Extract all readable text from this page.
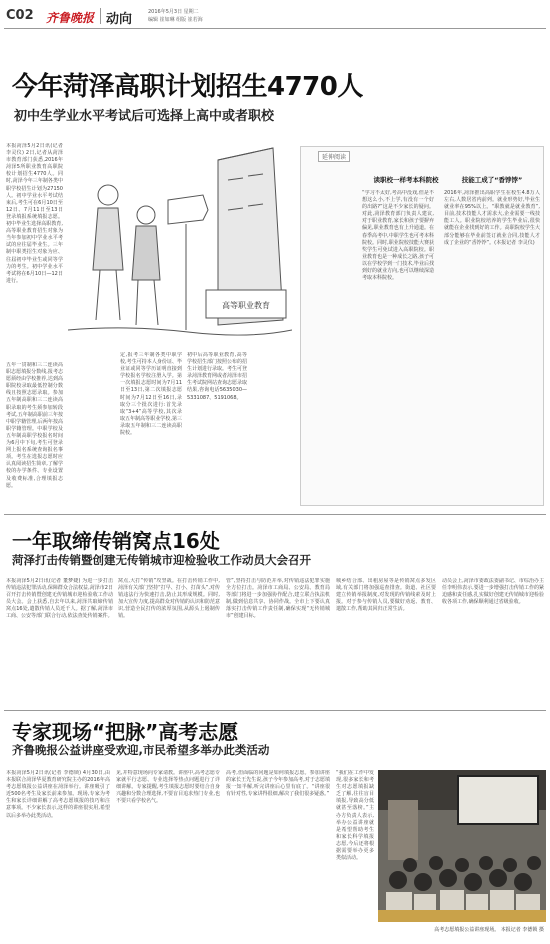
C02 齐鲁晚报 动向	2016年5月3日 星期二
编辑 崔如琳 组版 崔若海
今年菏泽高职计划招生4770人
初中生学业水平考试后可选择上高中或者职校
本报菏泽5月2日讯(记者 李灵仪) 2日,记者从菏泽市教育部门获悉,2016年菏泽5所职业教育高职院校计划招生4770人。同时,菏泽今年三年制各类中职学校招生计划为27150人。初中学业水平考试结束后,考生可在6月10日至12日、7月11日至13日登录填报系统填报志愿。初中毕业生选择高职教育,高等职业教育招生对象为当年参加初中学业水平考试的应往届毕业生。三年制中职类招生对象为应、往届初中毕业生或同等学力的考生。初中学业水平考试将在6月10日—12日进行。
五年一贯制和三二连读高职志愿填报分数线,报考志愿须经由学校推荐,达到高职院校录取最低控制分数线且按照志愿录取。参加五年制高职和三二连读高职录取的考生须参加转段考试,五年制高职前三年按中职学籍管理,后两年按高职学籍管理。中职学校及五年制高职学校报名时间为6月中下旬,考生可登录网上报名系统查询报名事项。考生在选报志愿时应认真阅读招生简章,了解学校的办学条件、专业设置及收费标准,合理填报志愿。
高等职业教育
定,报考三年制各类中职学校,考生可持本人身份证、毕业证或同等学历证明直接到学校报名学校注册入学。第一次填报志愿时间为7月11日至13日,第二次填报志愿时间为7月12日至16日,录取分三个批次进行:首先录取“3+4”高等学校,其次录取五年制高等职业学校,第三录取五年制和三二连读高职院校。
初中后高等职业教育,高等学校招生部门按照公布的招生计划进行录取。考生可登录菏泽教育网或者菏泽市招生考试院网站查询志愿录取结果,咨询电话5635030—5331087、5191068。
延伸阅读
读职校一样考本科院校
“学习不太好,考高中没戏,但是不想这么小,不上学,有没有一个好的出路?”这是不少家长的疑问。对此,菏泽教育部门负责人建议,对于职业教育,家长和孩子要摒弃偏见,职业教育也有上升通道。在春季高考中,中职学生也可考本科院校。同时,职业院校技能大赛获奖学生可免试进入高职院校。职业教育也是一种成长之路,孩子可以在学校学到一门技术,毕业后找到好的就业方向,也可以继续深造考取本科院校。
技能工成了“香饽饽”
2016年,菏泽推出高职学生在校生4.8万人左右,人数居省内前列。就业形势好,毕业生就业率在95%以上。“职教就是就业教育”,目前,技术技能人才需求大,企业需要一线技能工人。职业院校培养的学生毕业后,很快就能在企业找到好的工作。高职院校学生大部分能够在毕业前签订就业合同,技能人才成了企业的“香饽饽”。(本报记者 李灵仪)
一年取缔传销窝点16处
菏泽打击传销暨创建无传销城市迎检验收工作动员大会召开
本报菏泽5月2日讯(记者 董梦婕) 为进一步打击传销违法犯罪活动,保障群众合法权益,菏泽市2日召开打击传销暨创建无传销城市迎检验收工作动员大会。会上获悉,自去年以来,菏泽共取缔传销窝点16处,遣散传销人员近千人。据了解,菏泽市工商、公安等部门联合行动,依法查处传销案件。
窝点,大打“传销”攻坚战。在打击传销工作中,菏泽有关部门坚持“打早、打小、打苗头”,对传销违法行为快速打击,防止其形成规模。同时,加大宣传力度,提高群众对传销的认识和防范意识,营造全民打传的浓厚氛围,从源头上遏制传销。
管”,坚持打击与防范并举,对传销违法犯罪实施全方位打击。菏泽市工商局、公安局、教育局等部门将进一步加强协作配合,建立联合执法机制,做到信息共享、协同作战。全市上下要认真落实打击传销工作责任制,确保实现“无传销城市”创建目标。
城乡结合部、出租房屋等是传销窝点多发区域,有关部门将加强巡查排查。街道、社区要建立传销举报制度,对发现的传销线索及时上报。对于参与传销人员,要做好劝返、教育、遣散工作,帮助其回归正常生活。
动员会上,菏泽市委政法委副书记、市综治办主任李明伟表示,要进一步增强打击传销工作的紧迫感和责任感,扎实做好创建无传销城市迎检验收各项工作,确保顺利通过省级验收。
专家现场“把脉”高考志愿
齐鲁晚报公益讲座受欢迎,市民希望多举办此类活动
本报菏泽5月2日讯(记者 李德锁) 4月30日,由本报联合菏泽华夏教育研究院主办的2016年高考志愿填报公益讲座在菏泽举行。讲座吸引了近500名考生及家长前来参加。现场,专家为考生和家长详细讲解了高考志愿填报的技巧和注意事项。不少家长表示,这样的讲座很实用,希望以后多举办此类活动。
见,并特意现场向专家请教。讲座中,高考志愿专家就平行志愿、专业选择等热点问题进行了详细讲解。专家提醒,考生填报志愿时要结合自身兴趣和分数合理选择,不要盲目追求热门专业,也不要只看学校名气。
高考,但面临的问题是如何填报志愿。参加讲座的家长王先生说,孩子今年参加高考,对于志愿填报一知半解,听完讲座后心里有底了。“讲座很有针对性,专家讲得很细,解决了我们很多疑惑。”
“我们在工作中发现,很多家长和考生对志愿填报缺乏了解,往往盲目填报,导致高分低就甚至落榜。”主办方负责人表示,举办公益讲座就是希望帮助考生和家长科学填报志愿,今后还将根据需要举办更多类似活动。
高考志愿填报公益讲座现场。 本报记者 李德锁 摄
